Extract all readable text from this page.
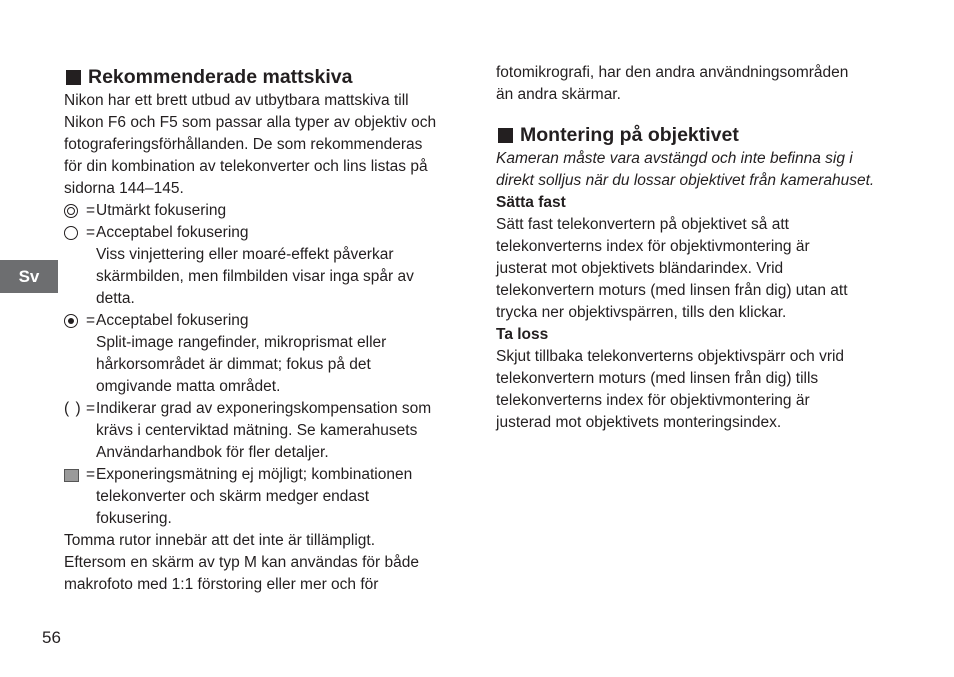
Sv
Rekommenderade mattskiva

Nikon har ett brett utbud av utbytbara mattskiva till

Nikon F6 och F5 som passar alla typer av objektiv och

fotograferingsförhållanden. De som rekommenderas

för din kombination av telekonverter och lins listas på

sidorna 144–145.

= Utmärkt fokusering
= Acceptabel fokusering

Viss vinjettering eller moaré-effekt påverkar

skärmbilden, men filmbilden visar inga spår av

detta.

= Acceptabel fokusering

Split-image rangefinder, mikroprismat eller

hårkorsområdet är dimmat; fokus på det

omgivande matta området.

( ) = Indikerar grad av exponeringskompensation som

krävs i centerviktad mätning. Se kamerahusets

Användarhandbok för fler detaljer.

= Exponeringsmätning ej möjligt; kombinationen

telekonverter och skärm medger endast

fokusering.

Tomma rutor innebär att det inte är tillämpligt.

Eftersom en skärm av typ M kan användas för både

makrofoto med 1:1 förstoring eller mer och för

fotomikrografi, har den andra användningsområden

än andra skärmar.

Montering på objektivet

Kameran måste vara avstängd och inte befinna sig i

direkt solljus när du lossar objektivet från kamerahuset.

Sätta fast

Sätt fast telekonvertern på objektivet så att

telekonverterns index för objektivmontering är

justerat mot objektivets bländarindex. Vrid

telekonvertern moturs (med linsen från dig) utan att

trycka ner objektivspärren, tills den klickar.

Ta loss

Skjut tillbaka telekonverterns objektivspärr och vrid

telekonvertern moturs (med linsen från dig) tills

telekonverterns index för objektivmontering är

justerad mot objektivets monteringsindex.

56
